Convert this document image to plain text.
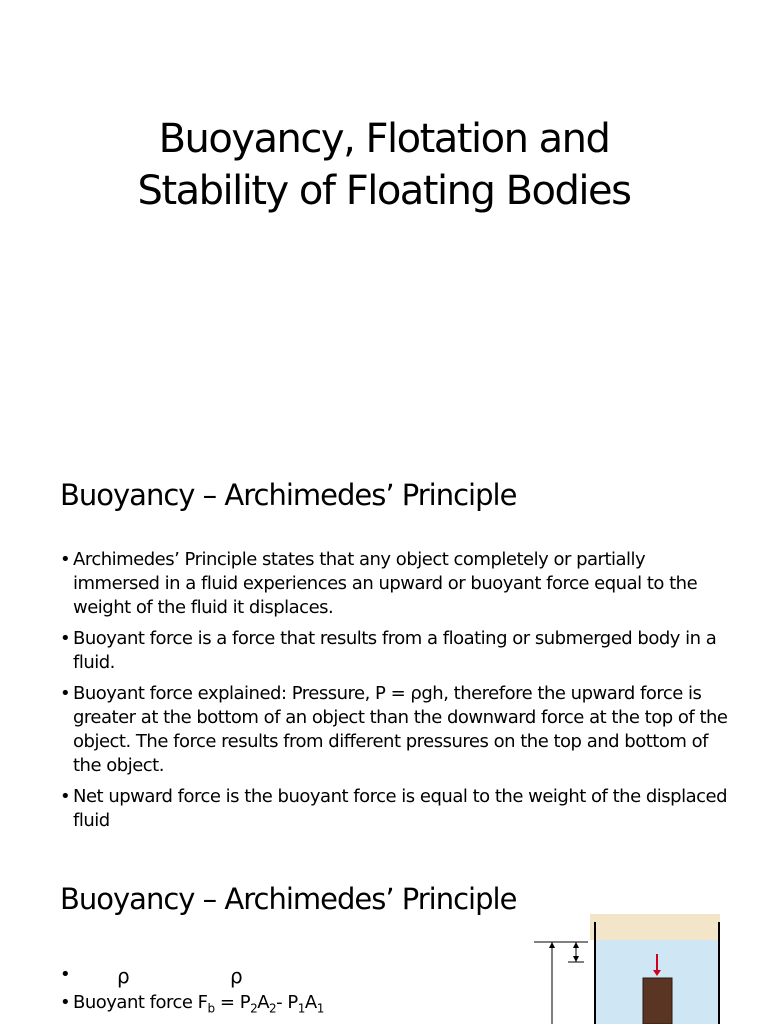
Buoyancy, Flotation and
Stability of Floating Bodies
Buoyancy – Archimedes’ Principle
• Archimedes’ Principle states that any object completely or partially immersed in a fluid experiences an upward or buoyant force equal to the weight of the fluid it displaces.
• Buoyant force is a force that results from a floating or submerged body in a fluid.
• Buoyant force explained: Pressure, P = ρgh, therefore the upward force is greater at the bottom of an object than the downward force at the top of the object. The force results from different pressures on the top and bottom of the object.
• Net upward force is the buoyant force is equal to the weight of the displaced fluid
Buoyancy – Archimedes’ Principle
• ρ	ρ
• Buoyant force $F_b = P_2A_2-$ $P_1A_1$
